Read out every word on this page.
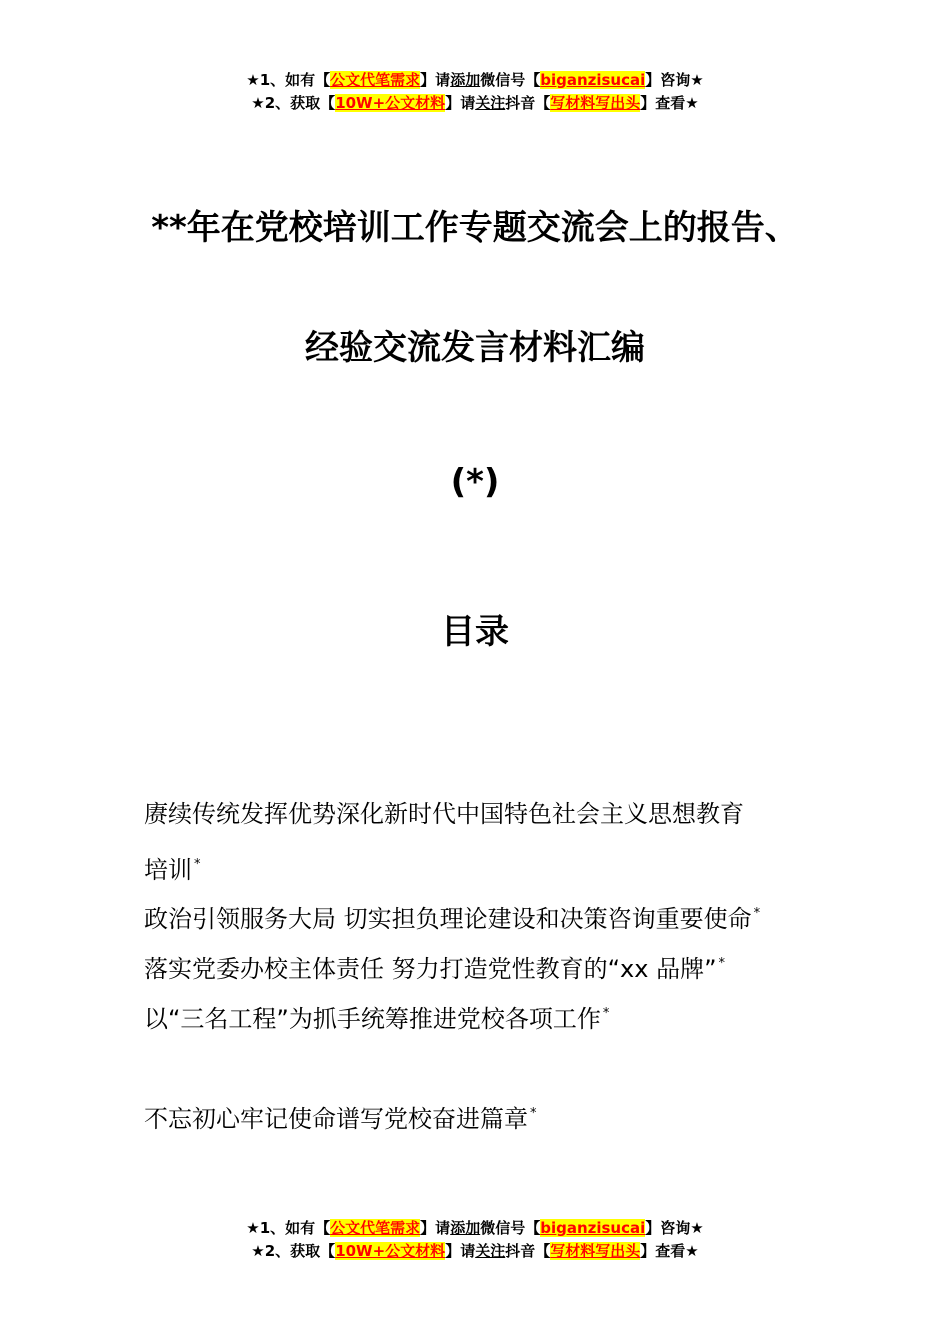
★1、如有【公文代笔需求】请添加微信号【biganzisucai】咨询★
★2、获取【10W+公文材料】请关注抖音【写材料写出头】查看★
**年在党校培训工作专题交流会上的报告、
经验交流发言材料汇编
(*)
目录
赓续传统发挥优势深化新时代中国特色社会主义思想教育
培训 *
政治引领服务大局 切实担负理论建设和决策咨询重要使命 *
落实党委办校主体责任 努力打造党性教育的“xx 品牌” *
以“三名工程”为抓手统筹推进党校各项工作 *
不忘初心牢记使命谱写党校奋进篇章 *
★1、如有【公文代笔需求】请添加微信号【biganzisucai】咨询★
★2、获取【10W+公文材料】请关注抖音【写材料写出头】查看★
